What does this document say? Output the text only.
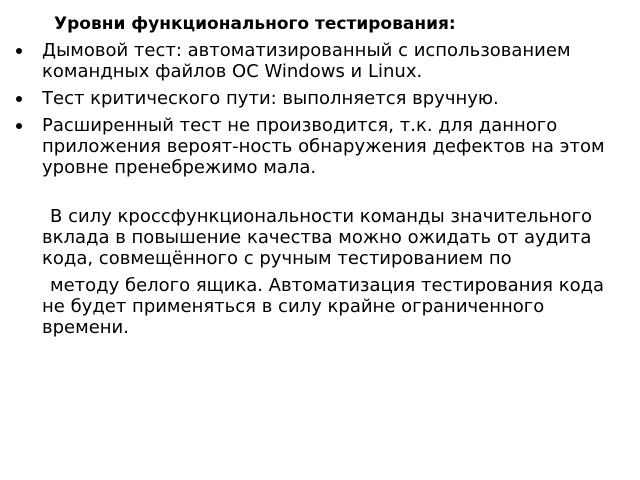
Уровни функционального тестирования:
Дымовой тест: автоматизированный с использованием командных файлов ОС Windows и Linux.
Тест критического пути: выполняется вручную.
Расширенный тест не производится, т.к. для данного приложения вероят-ность обнаружения дефектов на этом уровне пренебрежимо мала.

В силу кроссфункциональности команды значительного вклада в повышение качества можно ожидать от аудита кода, совмещённого с ручным тестированием по

методу белого ящика. Автоматизация тестирования кода не будет применяться в силу крайне ограниченного времени.
